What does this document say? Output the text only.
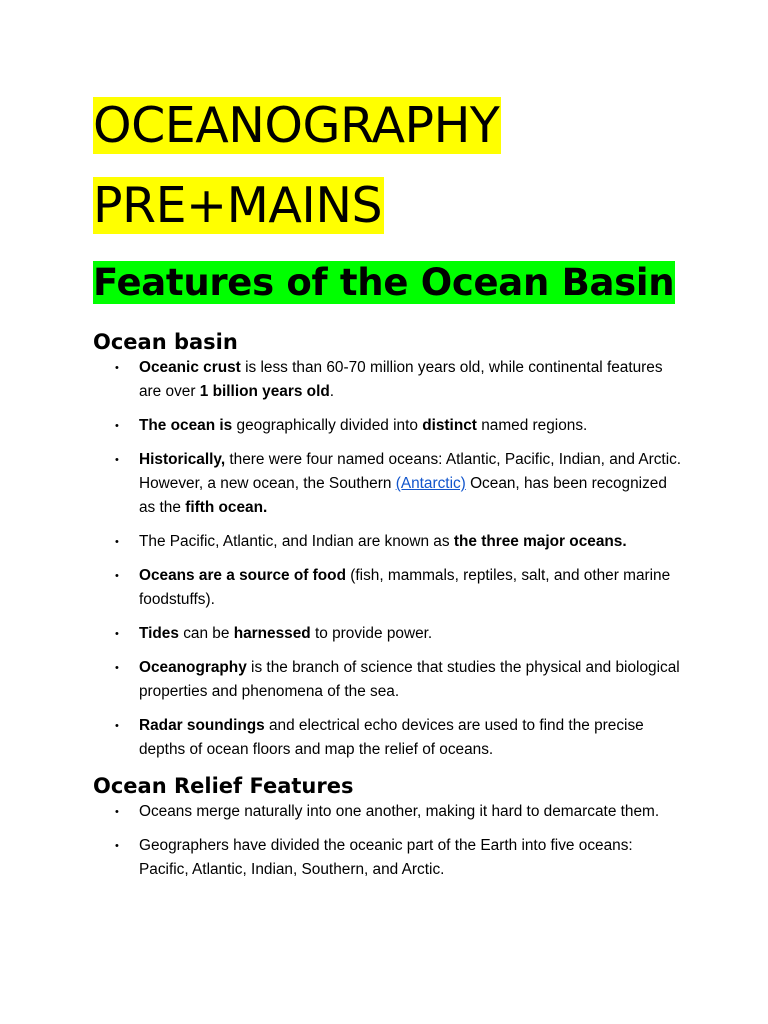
OCEANOGRAPHY
PRE+MAINS
Features of the Ocean Basin
Ocean basin
• Oceanic crust is less than 60-70 million years old, while continental features are over 1 billion years old.
• The ocean is geographically divided into distinct named regions.
• Historically, there were four named oceans: Atlantic, Pacific, Indian, and Arctic. However, a new ocean, the Southern (Antarctic) Ocean, has been recognized as the fifth ocean.
• The Pacific, Atlantic, and Indian are known as the three major oceans.
• Oceans are a source of food (fish, mammals, reptiles, salt, and other marine foodstuffs).
• Tides can be harnessed to provide power.
• Oceanography is the branch of science that studies the physical and biological properties and phenomena of the sea.
• Radar soundings and electrical echo devices are used to find the precise depths of ocean floors and map the relief of oceans.
Ocean Relief Features
• Oceans merge naturally into one another, making it hard to demarcate them.
• Geographers have divided the oceanic part of the Earth into five oceans: Pacific, Atlantic, Indian, Southern, and Arctic.
